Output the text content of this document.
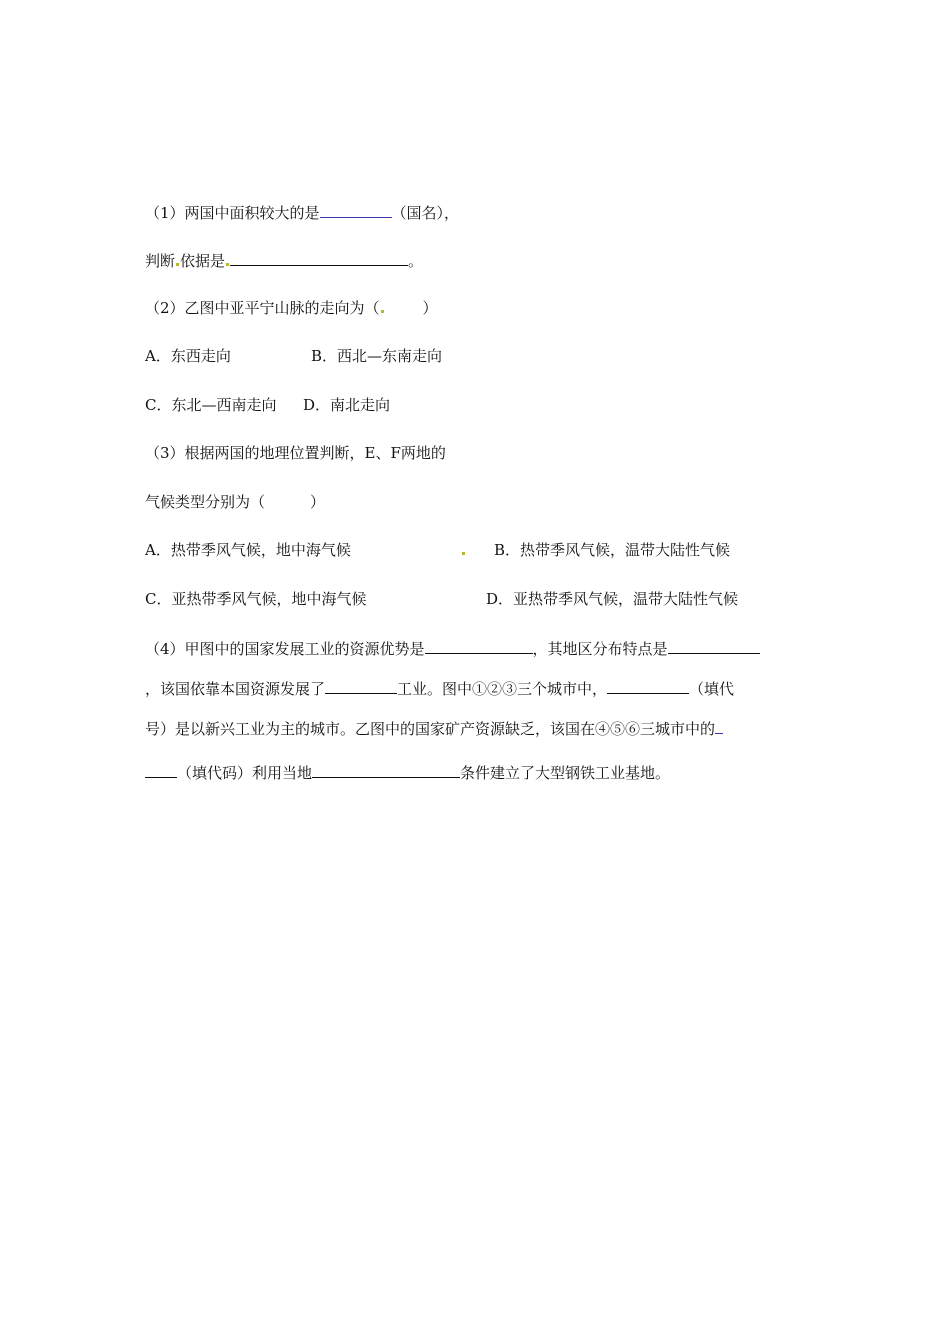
（1）两国中面积较大的是	（国名），
判断 依据是	。
（2）乙图中亚平宁山脉的走向为（	）
A．东西走向	B．西北—东南走向
C．东北—西南走向 D．南北走向
（3）根据两国的地理位置判断，E、F两地的
气候类型分别为（　　　）
A．热带季风气候，地中海气候	B．热带季风气候，温带大陆性气候
C．亚热带季风气候，地中海气候	D．亚热带季风气候，温带大陆性气候
（4）甲图中的国家发展工业的资源优势是	，其地区分布特点是
，该国依靠本国资源发展了	工业。图中①②③三个城市中，	（填代
号）是以新兴工业为主的城市。乙图中的国家矿产资源缺乏，该国在④⑤⑥三城市中的
（填代码）利用当地	条件建立了大型钢铁工业基地。
